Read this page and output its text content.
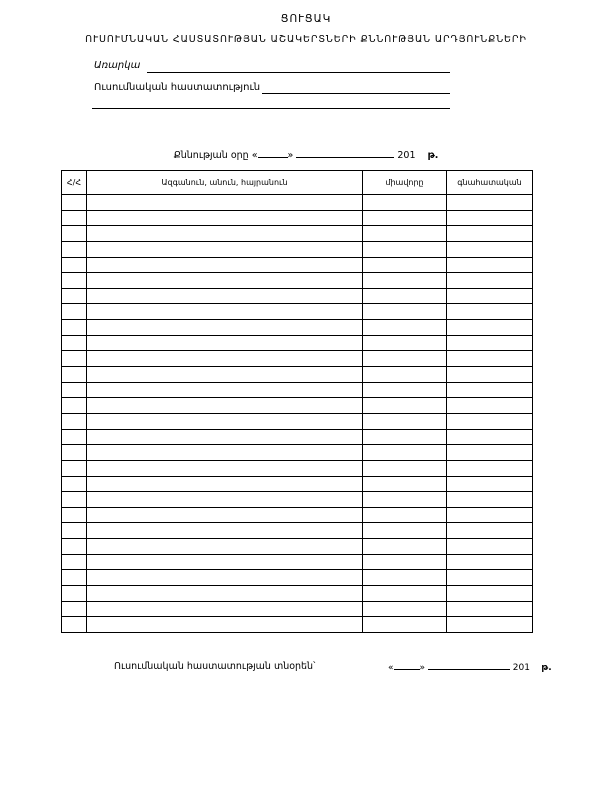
ՑՈՒՑԱԿ
ՈՒՍՈՒՄՆԱԿԱՆ ՀԱՍՏԱՏՈՒԹՅԱՆ ԱՇԱԿԵՐՏՆԵՐԻ ՔՆՆՈՒԹՅԱՆ ԱՐԴՅՈՒՆՔՆԵՐԻ
Առարկա
Ուսումնական հաստատություն
Քննության օրը «	»	201 թ.
Հ/Հ	Ազգանուն, անուն, հայրանուն	միավորը	գնահատական

Ուսումնական հաստատության տնօրեն՝	«	»	201 թ.
